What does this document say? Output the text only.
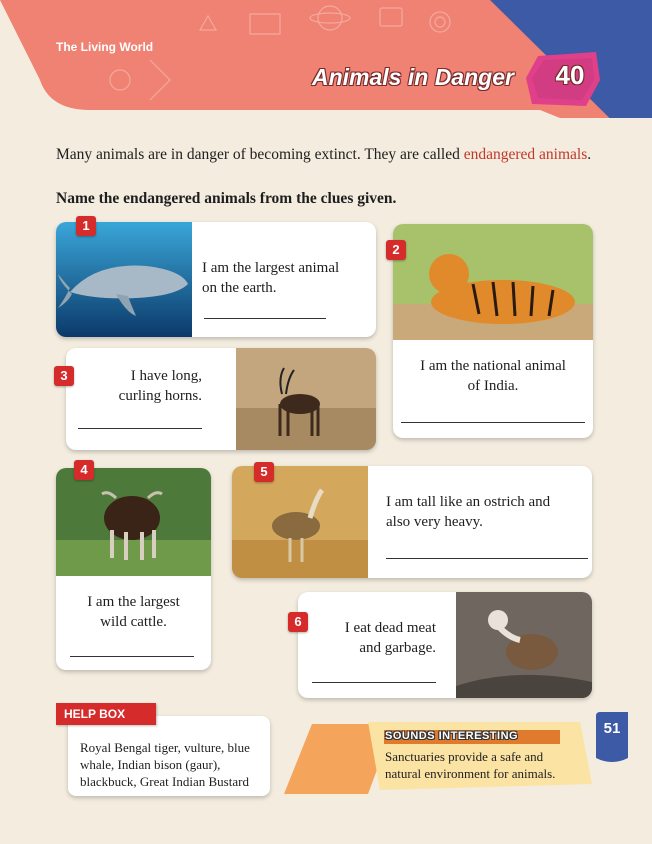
The Living World
Animals in Danger 40
Many animals are in danger of becoming extinct. They are called endangered animals.
Name the endangered animals from the clues given.
I am the largest animal
on the earth.
1
I am the national animal
of India.
2
I have long,
curling horns.
3
I am the largest
wild cattle.
4
I am tall like an ostrich and
also very heavy.
5
I eat dead meat
and garbage.
6
HELP BOX
Royal Bengal tiger, vulture, blue whale, Indian bison (gaur), blackbuck, Great Indian Bustard
SOUNDS INTERESTING
Sanctuaries provide a safe and natural environment for animals.
51
